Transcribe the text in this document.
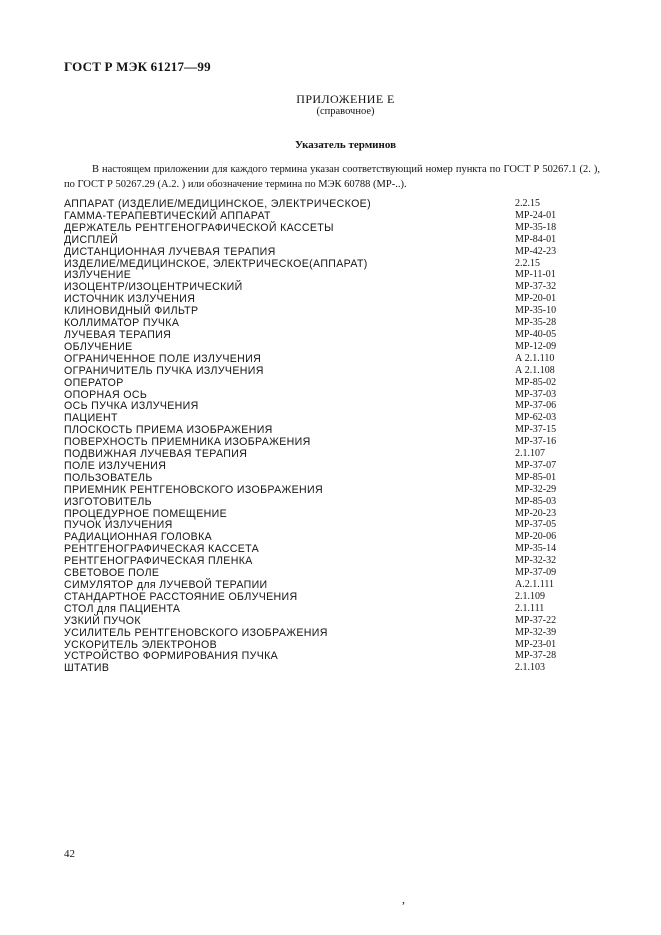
ГОСТ Р МЭК 61217—99
ПРИЛОЖЕНИЕ Е
(справочное)
Указатель терминов
В настоящем приложении для каждого термина указан соответствующий номер пункта по ГОСТ Р 50267.1 (2. ), по ГОСТ Р 50267.29 (А.2. ) или обозначение термина по МЭК 60788 (МР-..).
АППАРАТ (ИЗДЕЛИЕ/МЕДИЦИНСКОЕ, ЭЛЕКТРИЧЕСКОЕ)	2.2.15
ГАММА-ТЕРАПЕВТИЧЕСКИЙ АППАРАТ	МР-24-01
ДЕРЖАТЕЛЬ РЕНТГЕНОГРАФИЧЕСКОЙ КАССЕТЫ	МР-35-18
ДИСПЛЕЙ	МР-84-01
ДИСТАНЦИОННАЯ ЛУЧЕВАЯ ТЕРАПИЯ	МР-42-23
ИЗДЕЛИЕ/МЕДИЦИНСКОЕ, ЭЛЕКТРИЧЕСКОЕ(АППАРАТ)	2.2.15
ИЗЛУЧЕНИЕ	МР-11-01
ИЗОЦЕНТР/ИЗОЦЕНТРИЧЕСКИЙ	МР-37-32
ИСТОЧНИК ИЗЛУЧЕНИЯ	МР-20-01
КЛИНОВИДНЫЙ ФИЛЬТР	МР-35-10
КОЛЛИМАТОР ПУЧКА	МР-35-28
ЛУЧЕВАЯ ТЕРАПИЯ	МР-40-05
ОБЛУЧЕНИЕ	МР-12-09
ОГРАНИЧЕННОЕ ПОЛЕ ИЗЛУЧЕНИЯ	А 2.1.110
ОГРАНИЧИТЕЛЬ ПУЧКА ИЗЛУЧЕНИЯ	А 2.1.108
ОПЕРАТОР	МР-85-02
ОПОРНАЯ ОСЬ	МР-37-03
ОСЬ ПУЧКА ИЗЛУЧЕНИЯ	МР-37-06
ПАЦИЕНТ	МР-62-03
ПЛОСКОСТЬ ПРИЕМА ИЗОБРАЖЕНИЯ	МР-37-15
ПОВЕРХНОСТЬ ПРИЕМНИКА ИЗОБРАЖЕНИЯ	МР-37-16
ПОДВИЖНАЯ ЛУЧЕВАЯ ТЕРАПИЯ	2.1.107
ПОЛЕ ИЗЛУЧЕНИЯ	МР-37-07
ПОЛЬЗОВАТЕЛЬ	МР-85-01
ПРИЕМНИК РЕНТГЕНОВСКОГО ИЗОБРАЖЕНИЯ	МР-32-29
ИЗГОТОВИТЕЛЬ	МР-85-03
ПРОЦЕДУРНОЕ ПОМЕЩЕНИЕ	МР-20-23
ПУЧОК ИЗЛУЧЕНИЯ	МР-37-05
РАДИАЦИОННАЯ ГОЛОВКА	МР-20-06
РЕНТГЕНОГРАФИЧЕСКАЯ КАССЕТА	МР-35-14
РЕНТГЕНОГРАФИЧЕСКАЯ ПЛЕНКА	МР-32-32
СВЕТОВОЕ ПОЛЕ	МР-37-09
СИМУЛЯТОР для ЛУЧЕВОЙ ТЕРАПИИ	А.2.1.111
СТАНДАРТНОЕ РАССТОЯНИЕ ОБЛУЧЕНИЯ	2.1.109
СТОЛ для ПАЦИЕНТА	2.1.111
УЗКИЙ ПУЧОК	МР-37-22
УСИЛИТЕЛЬ РЕНТГЕНОВСКОГО ИЗОБРАЖЕНИЯ	МР-32-39
УСКОРИТЕЛЬ ЭЛЕКТРОНОВ	МР-23-01
УСТРОЙСТВО ФОРМИРОВАНИЯ ПУЧКА	МР-37-28
ШТАТИВ	2.1.103
42
,
